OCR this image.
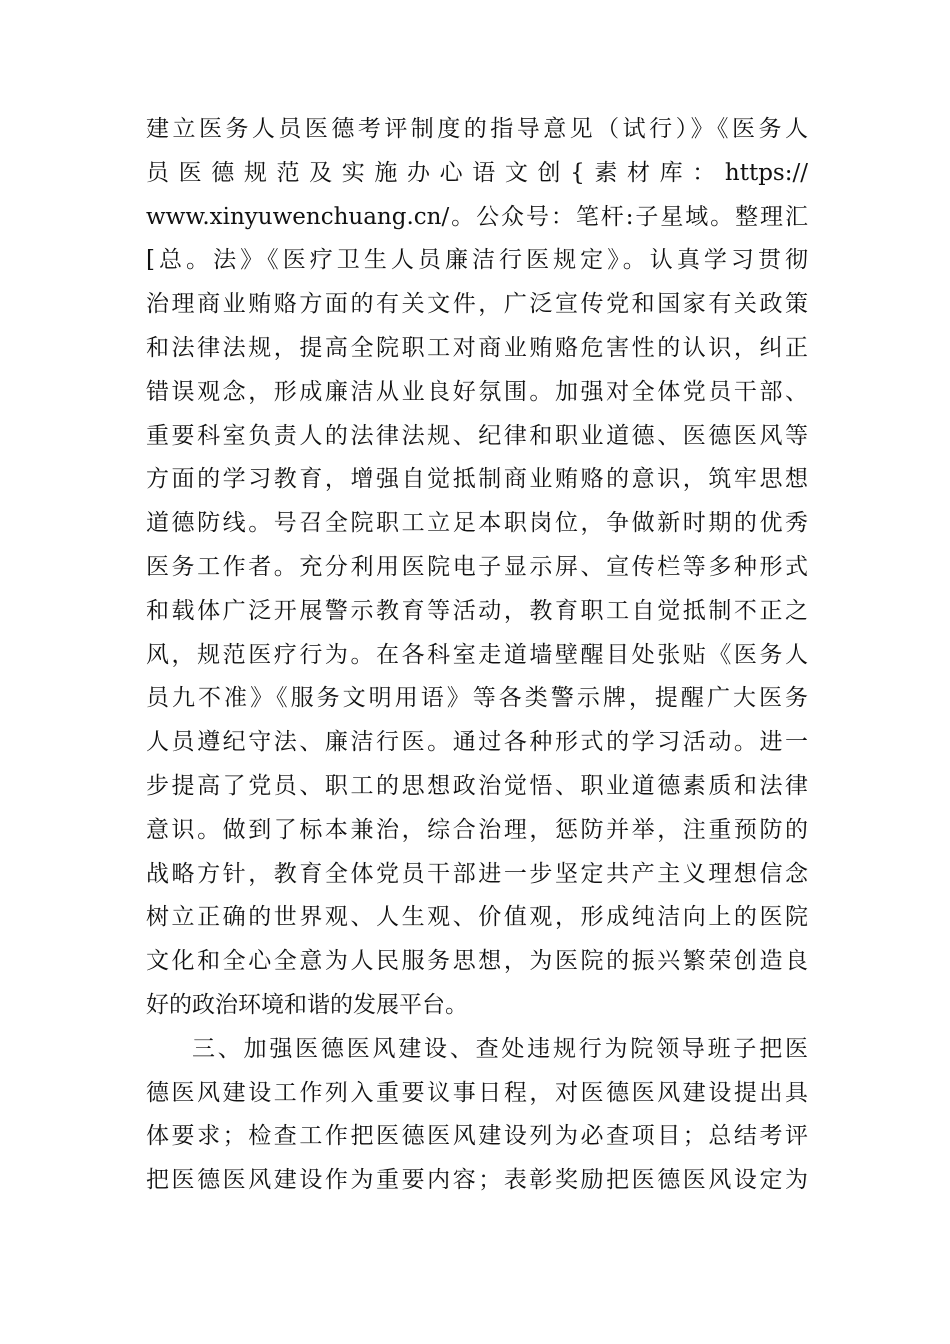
建立医务人员医德考评制度的指导意见（试行）》《医务人
员医德规范及实施办心语文创{素材库：https://
www.xinyuwenchuang.cn/。公众号：笔杆:子星域。整理汇
[总。法》《医疗卫生人员廉洁行医规定》。认真学习贯彻
治理商业贿赂方面的有关文件，广泛宣传党和国家有关政策
和法律法规，提高全院职工对商业贿赂危害性的认识，纠正
错误观念，形成廉洁从业良好氛围。加强对全体党员干部、
重要科室负责人的法律法规、纪律和职业道德、医德医风等
方面的学习教育，增强自觉抵制商业贿赂的意识，筑牢思想
道德防线。号召全院职工立足本职岗位，争做新时期的优秀
医务工作者。充分利用医院电子显示屏、宣传栏等多种形式
和载体广泛开展警示教育等活动，教育职工自觉抵制不正之
风，规范医疗行为。在各科室走道墙壁醒目处张贴《医务人
员九不准》《服务文明用语》等各类警示牌，提醒广大医务
人员遵纪守法、廉洁行医。通过各种形式的学习活动。进一
步提高了党员、职工的思想政治觉悟、职业道德素质和法律
意识。做到了标本兼治，综合治理，惩防并举，注重预防的
战略方针，教育全体党员干部进一步坚定共产主义理想信念
树立正确的世界观、人生观、价值观，形成纯洁向上的医院
文化和全心全意为人民服务思想，为医院的振兴繁荣创造良
好的政治环境和谐的发展平台。
三、加强医德医风建设、查处违规行为院领导班子把医
德医风建设工作列入重要议事日程，对医德医风建设提出具
体要求；检查工作把医德医风建设列为必查项目；总结考评
把医德医风建设作为重要内容；表彰奖励把医德医风设定为
